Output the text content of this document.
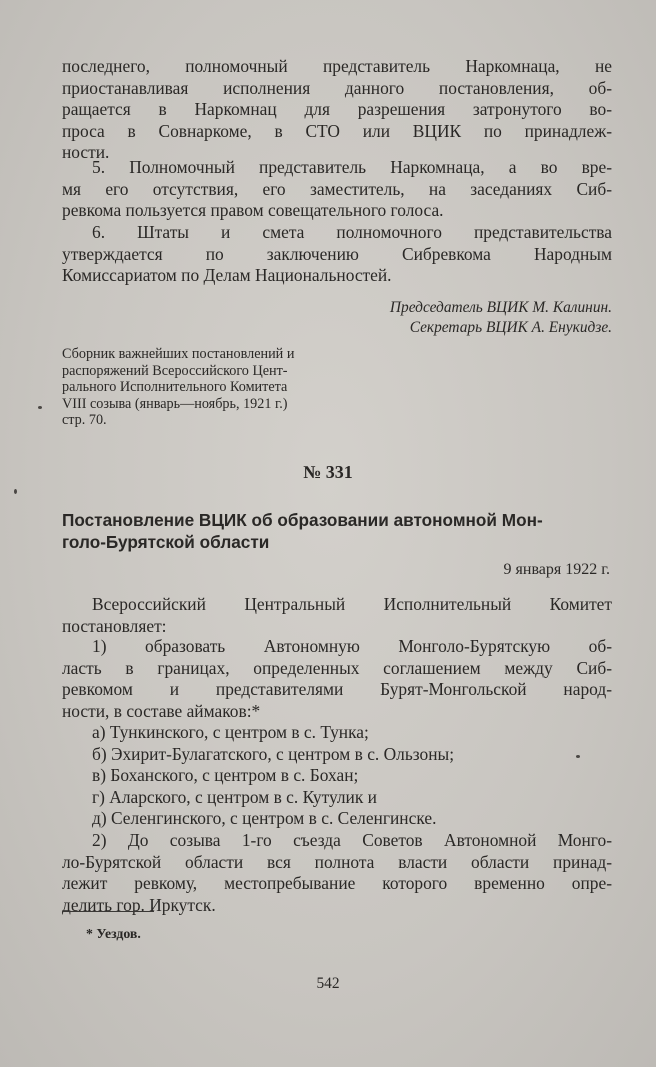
последнего, полномочный представитель Наркомнаца, не
приостанавливая исполнения данного постановления, об-
ращается в Наркомнац для разрешения затронутого во-
проса в Совнаркоме, в СТО или ВЦИК по принадлеж-
ности.
5. Полномочный представитель Наркомнаца, а во вре-
мя его отсутствия, его заместитель, на заседаниях Сиб-
ревкома пользуется правом совещательного голоса.
6. Штаты и смета полномочного представительства
утверждается по заключению Сибревкома Народным
Комиссариатом по Делам Национальностей.
Председатель ВЦИК М. Калинин.
Секретарь ВЦИК А. Енукидзе.
Сборник важнейших постановлений и
распоряжений Всероссийского Цент-
рального Исполнительного Комитета
VIII созыва (январь—ноябрь, 1921 г.)
стр. 70.
№ 331
Постановление ВЦИК об образовании автономной Мон-
голо-Бурятской области
9 января 1922 г.
Всероссийский Центральный Исполнительный Комитет
постановляет:
1) образовать Автономную Монголо-Бурятскую об-
ласть в границах, определенных соглашением между Сиб-
ревкомом и представителями Бурят-Монгольской народ-
ности, в составе аймаков:*
а) Тункинского, с центром в с. Тунка;
б) Эхирит-Булагатского, с центром в с. Ользоны;
в) Боханского, с центром в с. Бохан;
г) Аларского, с центром в с. Кутулик и
д) Селенгинского, с центром в с. Селенгинске.
2) До созыва 1-го съезда Советов Автономной Монго-
ло-Бурятской области вся полнота власти области принад-
лежит ревкому, местопребывание которого временно опре-
делить гор. Иркутск.
* Уездов.
542
